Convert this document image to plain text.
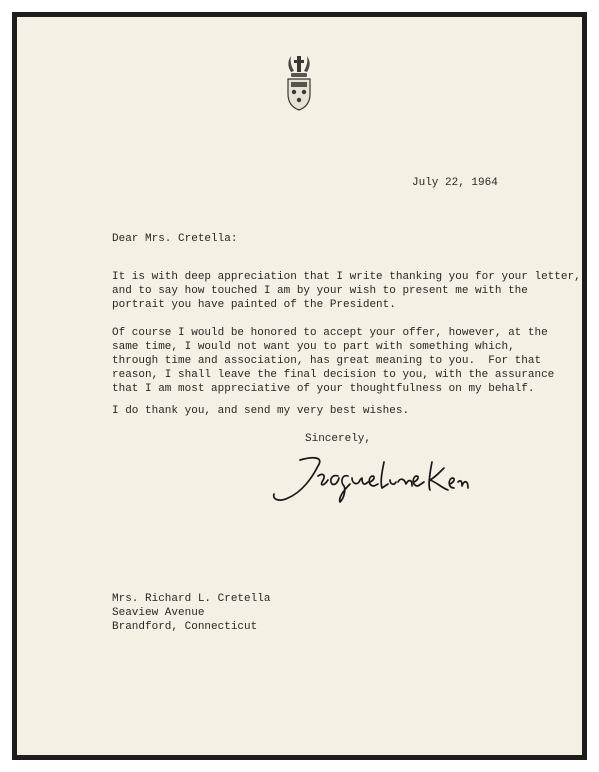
July 22, 1964
Dear Mrs. Cretella:
It is with deep appreciation that I write thanking you for your letter,
and to say how touched I am by your wish to present me with the
portrait you have painted of the President.
Of course I would be honored to accept your offer, however, at the
same time, I would not want you to part with something which,
through time and association, has great meaning to you.  For that
reason, I shall leave the final decision to you, with the assurance
that I am most appreciative of your thoughtfulness on my behalf.
I do thank you, and send my very best wishes.
Sincerely,
Mrs. Richard L. Cretella
Seaview Avenue
Brandford, Connecticut
